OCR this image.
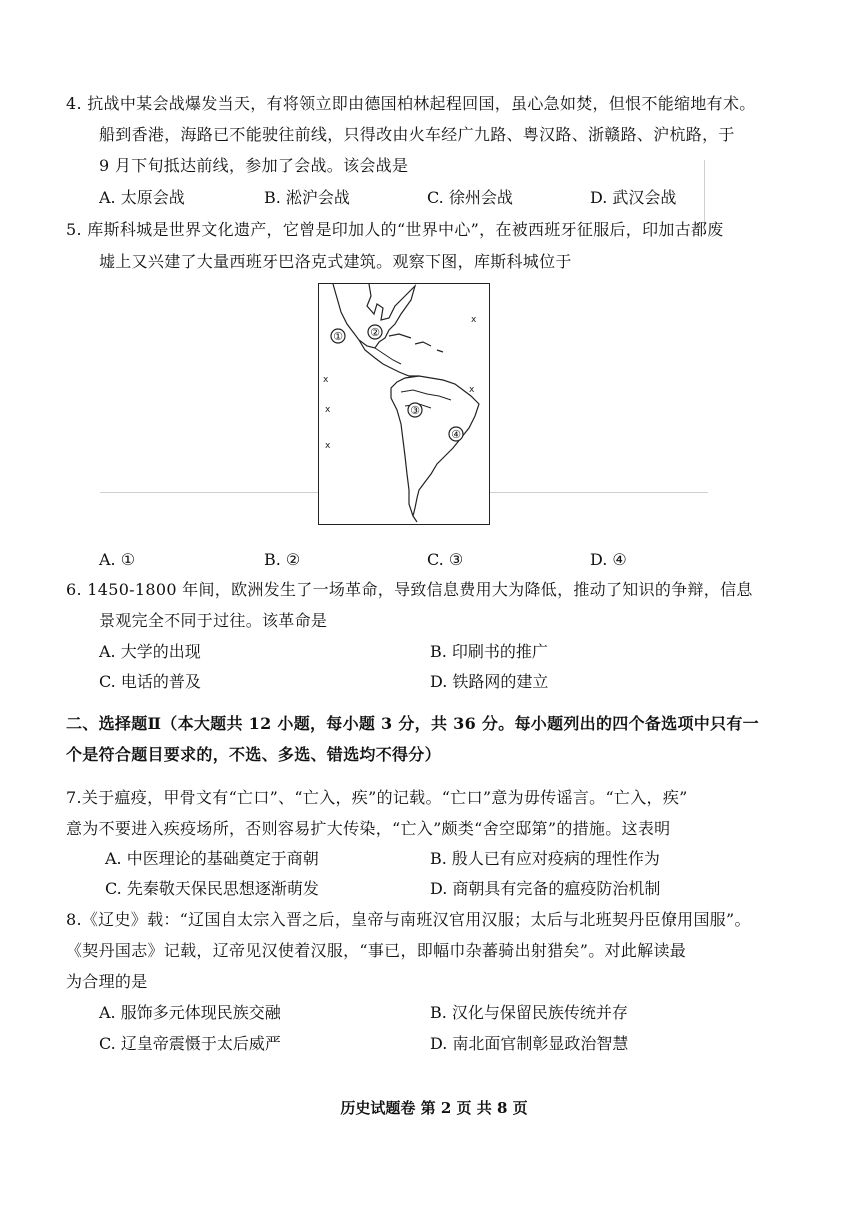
4. 抗战中某会战爆发当天，有将领立即由德国柏林起程回国，虽心急如焚，但恨不能缩地有术。
船到香港，海路已不能驶往前线，只得改由火车经广九路、粤汉路、浙赣路、沪杭路，于
9 月下旬抵达前线，参加了会战。该会战是
A. 太原会战	B. 淞沪会战	C. 徐州会战	D. 武汉会战
5. 库斯科城是世界文化遗产，它曾是印加人的“世界中心”，在被西班牙征服后，印加古都废
墟上又兴建了大量西班牙巴洛克式建筑。观察下图，库斯科城位于
x
x
x
x
x
① ②
③
④
A. ①	B. ②	C. ③	D. ④
6. 1450-1800 年间，欧洲发生了一场革命，导致信息费用大为降低，推动了知识的争辩，信息
景观完全不同于过往。该革命是
A. 大学的出现	B. 印刷书的推广
C. 电话的普及	D. 铁路网的建立
二、选择题Ⅱ（本大题共 12 小题，每小题 3 分，共 36 分。每小题列出的四个备选项中只有一
个是符合题目要求的，不选、多选、错选均不得分）
7.关于瘟疫，甲骨文有“亡口”、“亡入，疾”的记载。“亡口”意为毋传谣言。“亡入，疾”
意为不要进入疾疫场所，否则容易扩大传染，“亡入”颇类“舍空邸第”的措施。这表明
A. 中医理论的基础奠定于商朝	B. 殷人已有应对疫病的理性作为
C. 先秦敬天保民思想逐渐萌发	D. 商朝具有完备的瘟疫防治机制
8.《辽史》载：“辽国自太宗入晋之后，皇帝与南班汉官用汉服；太后与北班契丹臣僚用国服”。
《契丹国志》记载，辽帝见汉使着汉服，“事已，即幅巾杂蕃骑出射猎矣”。对此解读最
为合理的是
A. 服饰多元体现民族交融	B. 汉化与保留民族传统并存
C. 辽皇帝震慑于太后威严	D. 南北面官制彰显政治智慧
历史试题卷 第 2 页 共 8 页
